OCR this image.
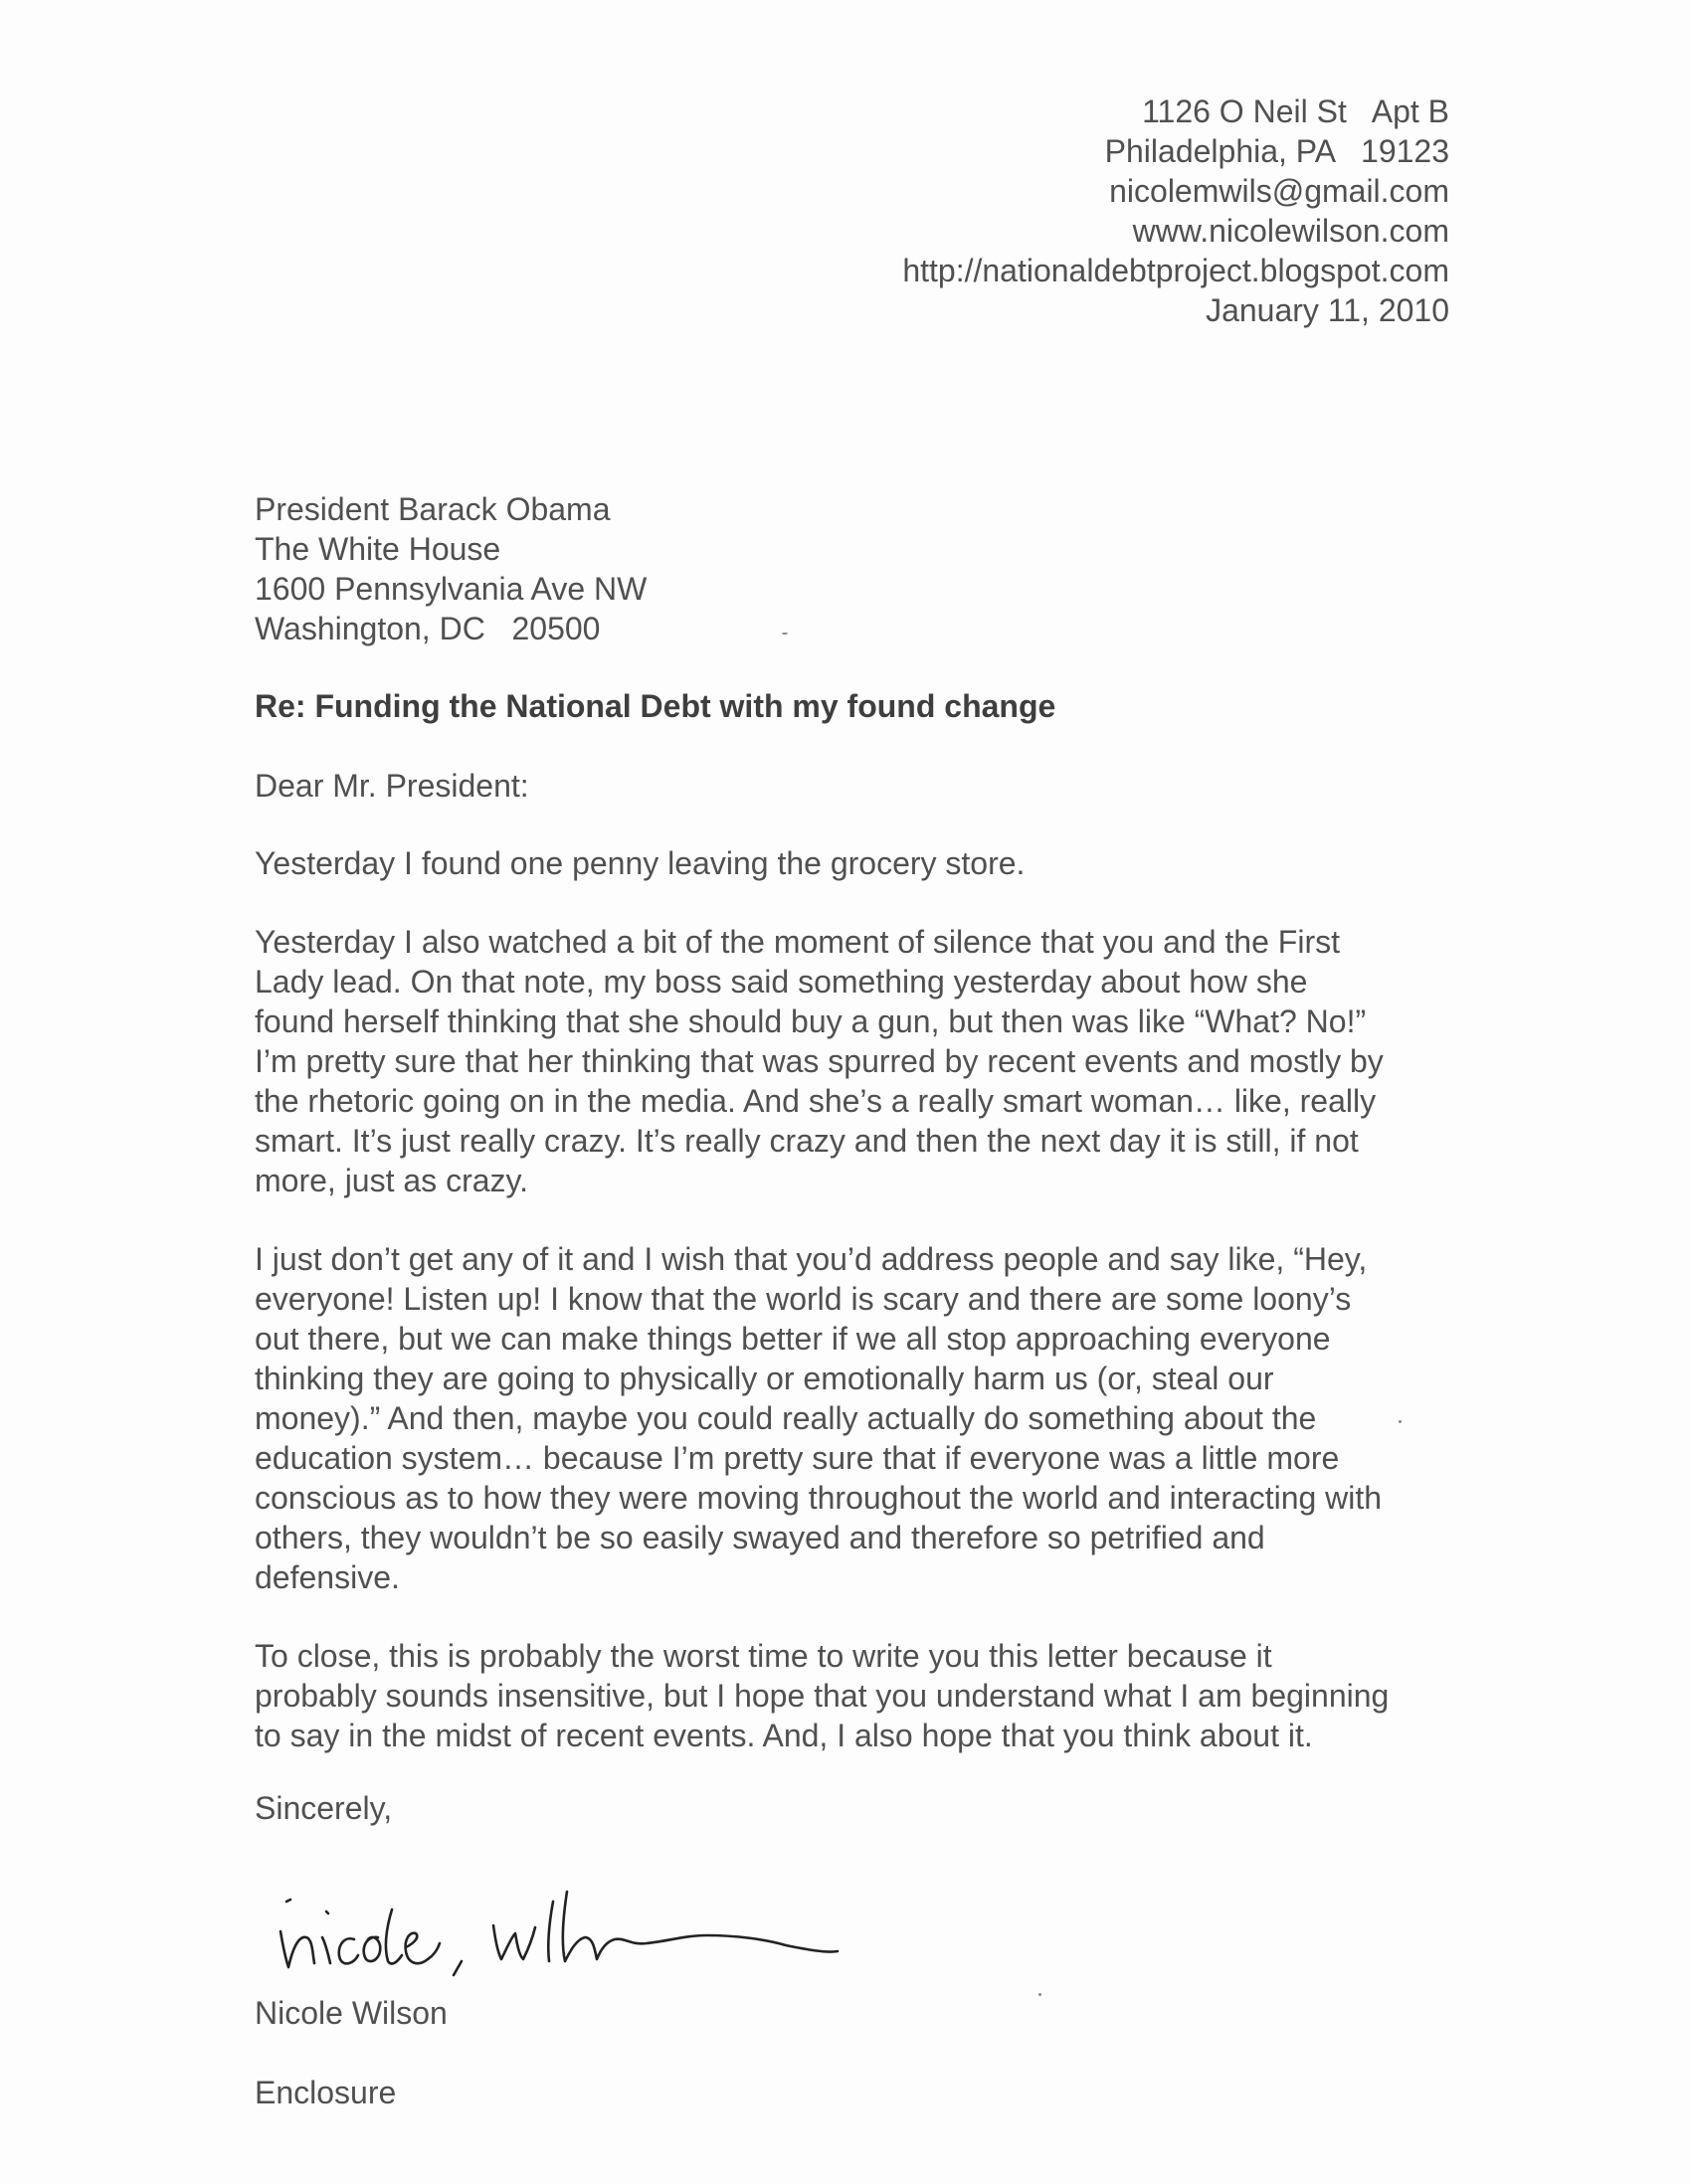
1126 O Neil St   Apt B
Philadelphia, PA   19123
nicolemwils@gmail.com
www.nicolewilson.com
http://nationaldebtproject.blogspot.com
January 11, 2010
President Barack Obama
The White House
1600 Pennsylvania Ave NW
Washington, DC   20500
Re: Funding the National Debt with my found change
Dear Mr. President:

Yesterday I found one penny leaving the grocery store.

Yesterday I also watched a bit of the moment of silence that you and the First
Lady lead. On that note, my boss said something yesterday about how she
found herself thinking that she should buy a gun, but then was like “What? No!”
I’m pretty sure that her thinking that was spurred by recent events and mostly by
the rhetoric going on in the media. And she’s a really smart woman… like, really
smart. It’s just really crazy. It’s really crazy and then the next day it is still, if not
more, just as crazy.

I just don’t get any of it and I wish that you’d address people and say like, “Hey,
everyone! Listen up! I know that the world is scary and there are some loony’s
out there, but we can make things better if we all stop approaching everyone
thinking they are going to physically or emotionally harm us (or, steal our
money).” And then, maybe you could really actually do something about the
education system… because I’m pretty sure that if everyone was a little more
conscious as to how they were moving throughout the world and interacting with
others, they wouldn’t be so easily swayed and therefore so petrified and
defensive.

To close, this is probably the worst time to write you this letter because it
probably sounds insensitive, but I hope that you understand what I am beginning
to say in the midst of recent events. And, I also hope that you think about it.

Sincerely,
Nicole Wilson
Enclosure
